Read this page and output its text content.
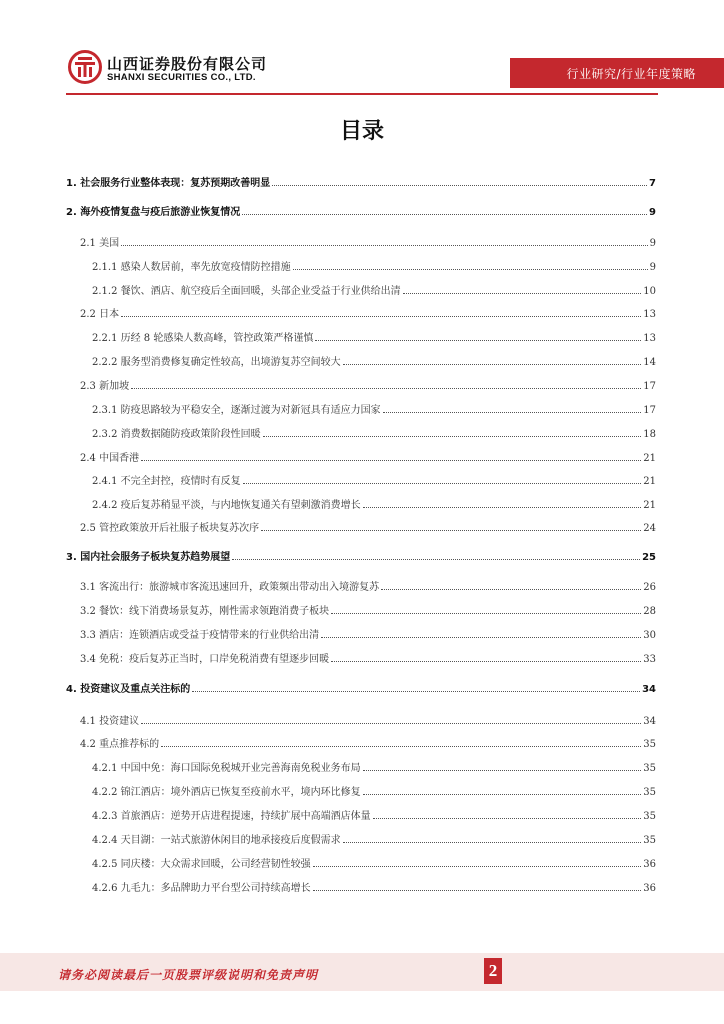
山西证券股份有限公司
SHANXI SECURITIES CO., LTD.	行业研究/行业年度策略
目录
1. 社会服务行业整体表现：复苏预期改善明显	7
2. 海外疫情复盘与疫后旅游业恢复情况	9
2.1 美国	9
2.1.1 感染人数居前，率先放宽疫情防控措施	9
2.1.2 餐饮、酒店、航空疫后全面回暖，头部企业受益于行业供给出清	10
2.2 日本	13
2.2.1 历经 8 轮感染人数高峰，管控政策严格谨慎	13
2.2.2 服务型消费修复确定性较高，出境游复苏空间较大	14
2.3 新加坡	17
2.3.1 防疫思路较为平稳安全，逐渐过渡为对新冠具有适应力国家	17
2.3.2 消费数据随防疫政策阶段性回暖	18
2.4 中国香港	21
2.4.1 不完全封控，疫情时有反复	21
2.4.2 疫后复苏稍显平淡，与内地恢复通关有望刺激消费增长	21
2.5 管控政策放开后社服子板块复苏次序	24
3. 国内社会服务子板块复苏趋势展望	25
3.1 客流出行：旅游城市客流迅速回升，政策频出带动出入境游复苏	26
3.2 餐饮：线下消费场景复苏，刚性需求领跑消费子板块	28
3.3 酒店：连锁酒店或受益于疫情带来的行业供给出清	30
3.4 免税：疫后复苏正当时，口岸免税消费有望逐步回暖	33
4. 投资建议及重点关注标的	34
4.1 投资建议	34
4.2 重点推荐标的	35
4.2.1 中国中免：海口国际免税城开业完善海南免税业务布局	35
4.2.2 锦江酒店：境外酒店已恢复至疫前水平，境内环比修复	35
4.2.3 首旅酒店：逆势开店进程提速，持续扩展中高端酒店体量	35
4.2.4 天目湖：一站式旅游休闲目的地承接疫后度假需求	35
4.2.5 同庆楼：大众需求回暖，公司经营韧性较强	36
4.2.6 九毛九：多品牌助力平台型公司持续高增长	36
请务必阅读最后一页股票评级说明和免责声明	2
